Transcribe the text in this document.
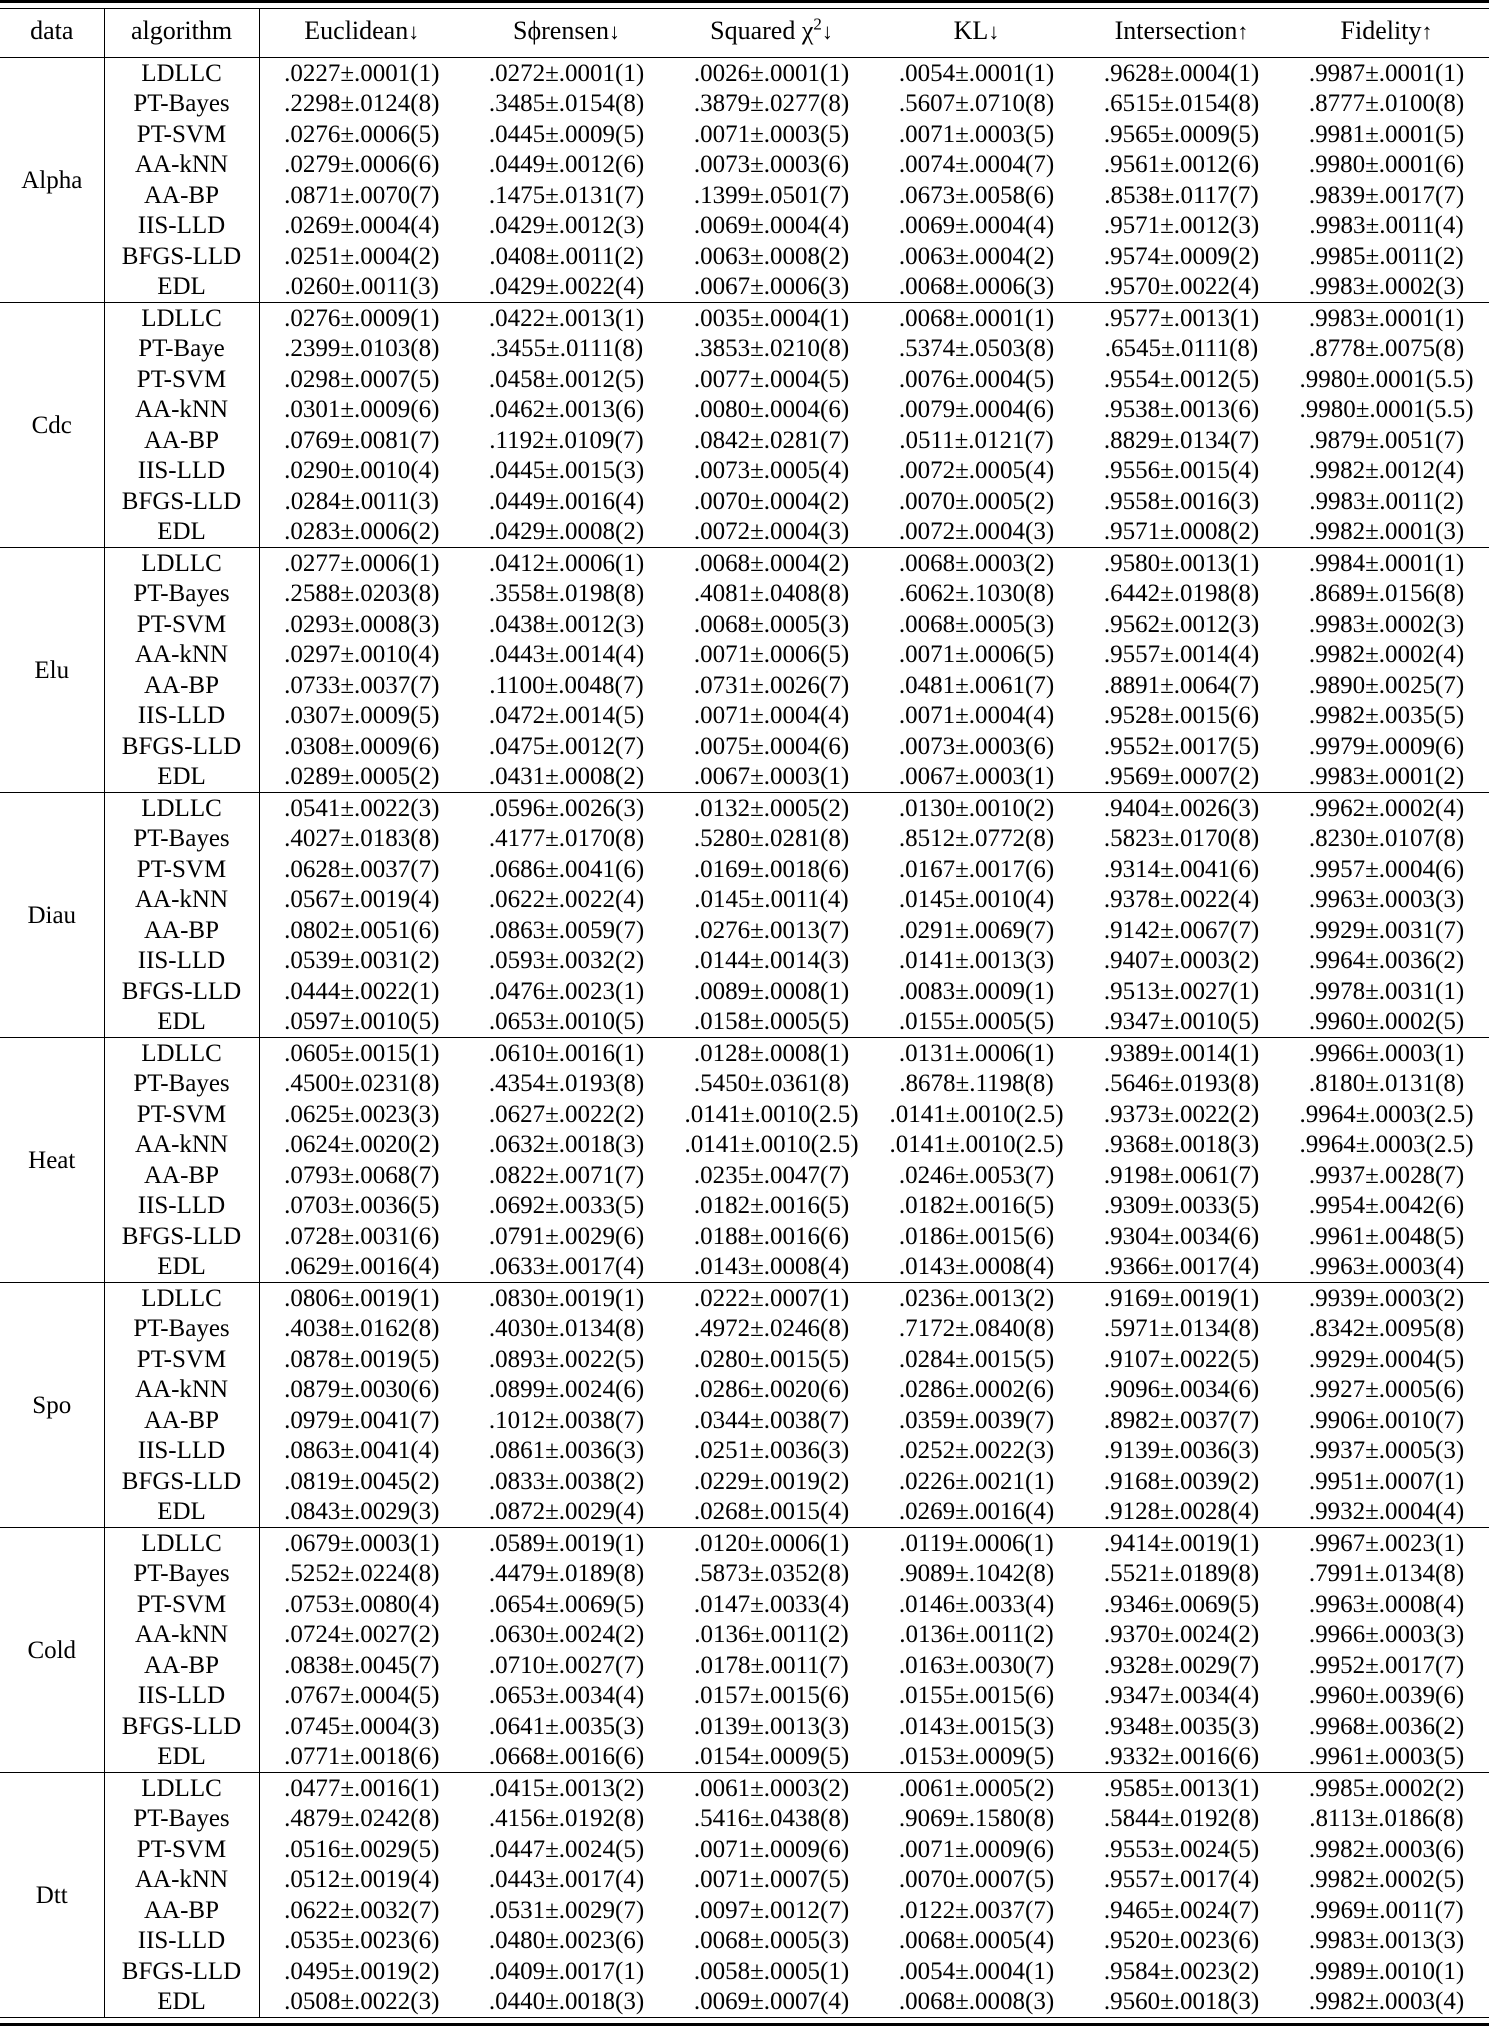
data	algorithm	Euclidean↓	Sϕrensen↓	Squared $\chi^2↓$	KL↓	Intersection↑	Fidelity↑
Alpha	LDLLC	.0227±.0001(1)	.0272±.0001(1)	.0026±.0001(1)	.0054±.0001(1)	.9628±.0004(1)	.9987±.0001(1)
	PT-Bayes	.2298±.0124(8)	.3485±.0154(8)	.3879±.0277(8)	.5607±.0710(8)	.6515±.0154(8)	.8777±.0100(8)
	PT-SVM	.0276±.0006(5)	.0445±.0009(5)	.0071±.0003(5)	.0071±.0003(5)	.9565±.0009(5)	.9981±.0001(5)
	AA-kNN	.0279±.0006(6)	.0449±.0012(6)	.0073±.0003(6)	.0074±.0004(7)	.9561±.0012(6)	.9980±.0001(6)
	AA-BP	.0871±.0070(7)	.1475±.0131(7)	.1399±.0501(7)	.0673±.0058(6)	.8538±.0117(7)	.9839±.0017(7)
	IIS-LLD	.0269±.0004(4)	.0429±.0012(3)	.0069±.0004(4)	.0069±.0004(4)	.9571±.0012(3)	.9983±.0011(4)
	BFGS-LLD	.0251±.0004(2)	.0408±.0011(2)	.0063±.0008(2)	.0063±.0004(2)	.9574±.0009(2)	.9985±.0011(2)
	EDL	.0260±.0011(3)	.0429±.0022(4)	.0067±.0006(3)	.0068±.0006(3)	.9570±.0022(4)	.9983±.0002(3)
Cdc	LDLLC	.0276±.0009(1)	.0422±.0013(1)	.0035±.0004(1)	.0068±.0001(1)	.9577±.0013(1)	.9983±.0001(1)
	PT-Baye	.2399±.0103(8)	.3455±.0111(8)	.3853±.0210(8)	.5374±.0503(8)	.6545±.0111(8)	.8778±.0075(8)
	PT-SVM	.0298±.0007(5)	.0458±.0012(5)	.0077±.0004(5)	.0076±.0004(5)	.9554±.0012(5)	.9980±.0001(5.5)
	AA-kNN	.0301±.0009(6)	.0462±.0013(6)	.0080±.0004(6)	.0079±.0004(6)	.9538±.0013(6)	.9980±.0001(5.5)
	AA-BP	.0769±.0081(7)	.1192±.0109(7)	.0842±.0281(7)	.0511±.0121(7)	.8829±.0134(7)	.9879±.0051(7)
	IIS-LLD	.0290±.0010(4)	.0445±.0015(3)	.0073±.0005(4)	.0072±.0005(4)	.9556±.0015(4)	.9982±.0012(4)
	BFGS-LLD	.0284±.0011(3)	.0449±.0016(4)	.0070±.0004(2)	.0070±.0005(2)	.9558±.0016(3)	.9983±.0011(2)
	EDL	.0283±.0006(2)	.0429±.0008(2)	.0072±.0004(3)	.0072±.0004(3)	.9571±.0008(2)	.9982±.0001(3)
Elu	LDLLC	.0277±.0006(1)	.0412±.0006(1)	.0068±.0004(2)	.0068±.0003(2)	.9580±.0013(1)	.9984±.0001(1)
	PT-Bayes	.2588±.0203(8)	.3558±.0198(8)	.4081±.0408(8)	.6062±.1030(8)	.6442±.0198(8)	.8689±.0156(8)
	PT-SVM	.0293±.0008(3)	.0438±.0012(3)	.0068±.0005(3)	.0068±.0005(3)	.9562±.0012(3)	.9983±.0002(3)
	AA-kNN	.0297±.0010(4)	.0443±.0014(4)	.0071±.0006(5)	.0071±.0006(5)	.9557±.0014(4)	.9982±.0002(4)
	AA-BP	.0733±.0037(7)	.1100±.0048(7)	.0731±.0026(7)	.0481±.0061(7)	.8891±.0064(7)	.9890±.0025(7)
	IIS-LLD	.0307±.0009(5)	.0472±.0014(5)	.0071±.0004(4)	.0071±.0004(4)	.9528±.0015(6)	.9982±.0035(5)
	BFGS-LLD	.0308±.0009(6)	.0475±.0012(7)	.0075±.0004(6)	.0073±.0003(6)	.9552±.0017(5)	.9979±.0009(6)
	EDL	.0289±.0005(2)	.0431±.0008(2)	.0067±.0003(1)	.0067±.0003(1)	.9569±.0007(2)	.9983±.0001(2)
Diau	LDLLC	.0541±.0022(3)	.0596±.0026(3)	.0132±.0005(2)	.0130±.0010(2)	.9404±.0026(3)	.9962±.0002(4)
	PT-Bayes	.4027±.0183(8)	.4177±.0170(8)	.5280±.0281(8)	.8512±.0772(8)	.5823±.0170(8)	.8230±.0107(8)
	PT-SVM	.0628±.0037(7)	.0686±.0041(6)	.0169±.0018(6)	.0167±.0017(6)	.9314±.0041(6)	.9957±.0004(6)
	AA-kNN	.0567±.0019(4)	.0622±.0022(4)	.0145±.0011(4)	.0145±.0010(4)	.9378±.0022(4)	.9963±.0003(3)
	AA-BP	.0802±.0051(6)	.0863±.0059(7)	.0276±.0013(7)	.0291±.0069(7)	.9142±.0067(7)	.9929±.0031(7)
	IIS-LLD	.0539±.0031(2)	.0593±.0032(2)	.0144±.0014(3)	.0141±.0013(3)	.9407±.0003(2)	.9964±.0036(2)
	BFGS-LLD	.0444±.0022(1)	.0476±.0023(1)	.0089±.0008(1)	.0083±.0009(1)	.9513±.0027(1)	.9978±.0031(1)
	EDL	.0597±.0010(5)	.0653±.0010(5)	.0158±.0005(5)	.0155±.0005(5)	.9347±.0010(5)	.9960±.0002(5)
Heat	LDLLC	.0605±.0015(1)	.0610±.0016(1)	.0128±.0008(1)	.0131±.0006(1)	.9389±.0014(1)	.9966±.0003(1)
	PT-Bayes	.4500±.0231(8)	.4354±.0193(8)	.5450±.0361(8)	.8678±.1198(8)	.5646±.0193(8)	.8180±.0131(8)
	PT-SVM	.0625±.0023(3)	.0627±.0022(2)	.0141±.0010(2.5)	.0141±.0010(2.5)	.9373±.0022(2)	.9964±.0003(2.5)
	AA-kNN	.0624±.0020(2)	.0632±.0018(3)	.0141±.0010(2.5)	.0141±.0010(2.5)	.9368±.0018(3)	.9964±.0003(2.5)
	AA-BP	.0793±.0068(7)	.0822±.0071(7)	.0235±.0047(7)	.0246±.0053(7)	.9198±.0061(7)	.9937±.0028(7)
	IIS-LLD	.0703±.0036(5)	.0692±.0033(5)	.0182±.0016(5)	.0182±.0016(5)	.9309±.0033(5)	.9954±.0042(6)
	BFGS-LLD	.0728±.0031(6)	.0791±.0029(6)	.0188±.0016(6)	.0186±.0015(6)	.9304±.0034(6)	.9961±.0048(5)
	EDL	.0629±.0016(4)	.0633±.0017(4)	.0143±.0008(4)	.0143±.0008(4)	.9366±.0017(4)	.9963±.0003(4)
Spo	LDLLC	.0806±.0019(1)	.0830±.0019(1)	.0222±.0007(1)	.0236±.0013(2)	.9169±.0019(1)	.9939±.0003(2)
	PT-Bayes	.4038±.0162(8)	.4030±.0134(8)	.4972±.0246(8)	.7172±.0840(8)	.5971±.0134(8)	.8342±.0095(8)
	PT-SVM	.0878±.0019(5)	.0893±.0022(5)	.0280±.0015(5)	.0284±.0015(5)	.9107±.0022(5)	.9929±.0004(5)
	AA-kNN	.0879±.0030(6)	.0899±.0024(6)	.0286±.0020(6)	.0286±.0002(6)	.9096±.0034(6)	.9927±.0005(6)
	AA-BP	.0979±.0041(7)	.1012±.0038(7)	.0344±.0038(7)	.0359±.0039(7)	.8982±.0037(7)	.9906±.0010(7)
	IIS-LLD	.0863±.0041(4)	.0861±.0036(3)	.0251±.0036(3)	.0252±.0022(3)	.9139±.0036(3)	.9937±.0005(3)
	BFGS-LLD	.0819±.0045(2)	.0833±.0038(2)	.0229±.0019(2)	.0226±.0021(1)	.9168±.0039(2)	.9951±.0007(1)
	EDL	.0843±.0029(3)	.0872±.0029(4)	.0268±.0015(4)	.0269±.0016(4)	.9128±.0028(4)	.9932±.0004(4)
Cold	LDLLC	.0679±.0003(1)	.0589±.0019(1)	.0120±.0006(1)	.0119±.0006(1)	.9414±.0019(1)	.9967±.0023(1)
	PT-Bayes	.5252±.0224(8)	.4479±.0189(8)	.5873±.0352(8)	.9089±.1042(8)	.5521±.0189(8)	.7991±.0134(8)
	PT-SVM	.0753±.0080(4)	.0654±.0069(5)	.0147±.0033(4)	.0146±.0033(4)	.9346±.0069(5)	.9963±.0008(4)
	AA-kNN	.0724±.0027(2)	.0630±.0024(2)	.0136±.0011(2)	.0136±.0011(2)	.9370±.0024(2)	.9966±.0003(3)
	AA-BP	.0838±.0045(7)	.0710±.0027(7)	.0178±.0011(7)	.0163±.0030(7)	.9328±.0029(7)	.9952±.0017(7)
	IIS-LLD	.0767±.0004(5)	.0653±.0034(4)	.0157±.0015(6)	.0155±.0015(6)	.9347±.0034(4)	.9960±.0039(6)
	BFGS-LLD	.0745±.0004(3)	.0641±.0035(3)	.0139±.0013(3)	.0143±.0015(3)	.9348±.0035(3)	.9968±.0036(2)
	EDL	.0771±.0018(6)	.0668±.0016(6)	.0154±.0009(5)	.0153±.0009(5)	.9332±.0016(6)	.9961±.0003(5)
Dtt	LDLLC	.0477±.0016(1)	.0415±.0013(2)	.0061±.0003(2)	.0061±.0005(2)	.9585±.0013(1)	.9985±.0002(2)
	PT-Bayes	.4879±.0242(8)	.4156±.0192(8)	.5416±.0438(8)	.9069±.1580(8)	.5844±.0192(8)	.8113±.0186(8)
	PT-SVM	.0516±.0029(5)	.0447±.0024(5)	.0071±.0009(6)	.0071±.0009(6)	.9553±.0024(5)	.9982±.0003(6)
	AA-kNN	.0512±.0019(4)	.0443±.0017(4)	.0071±.0007(5)	.0070±.0007(5)	.9557±.0017(4)	.9982±.0002(5)
	AA-BP	.0622±.0032(7)	.0531±.0029(7)	.0097±.0012(7)	.0122±.0037(7)	.9465±.0024(7)	.9969±.0011(7)
	IIS-LLD	.0535±.0023(6)	.0480±.0023(6)	.0068±.0005(3)	.0068±.0005(4)	.9520±.0023(6)	.9983±.0013(3)
	BFGS-LLD	.0495±.0019(2)	.0409±.0017(1)	.0058±.0005(1)	.0054±.0004(1)	.9584±.0023(2)	.9989±.0010(1)
	EDL	.0508±.0022(3)	.0440±.0018(3)	.0069±.0007(4)	.0068±.0008(3)	.9560±.0018(3)	.9982±.0003(4)
